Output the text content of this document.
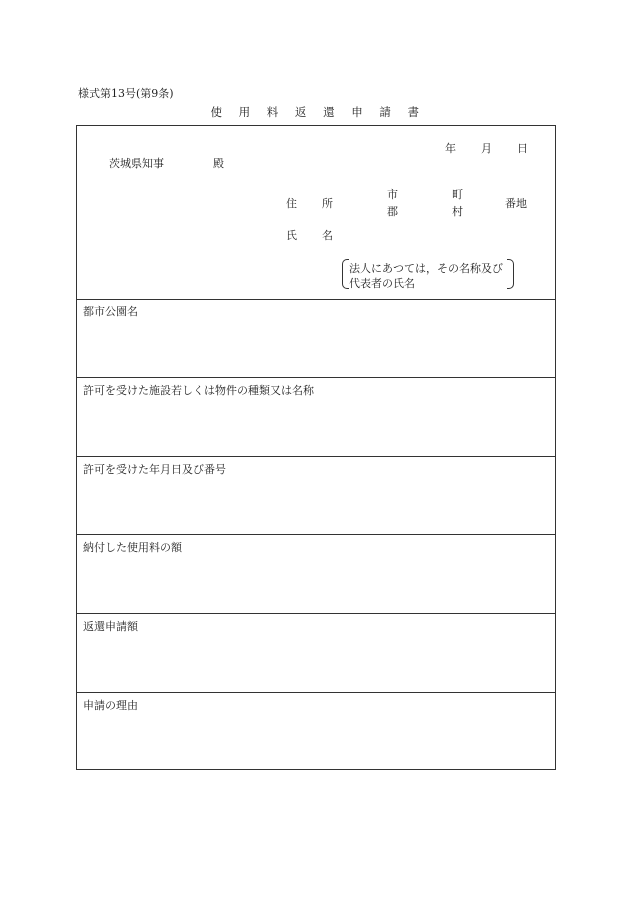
様式第13号(第9条)
使 用 料 返 還 申 請 書
年 月 日
茨城県知事	殿
住 所
市
郡
町
村
番地
氏 名
法人にあつては，その名称及び
代表者の氏名
都市公園名
許可を受けた施設若しくは物件の種類又は名称
許可を受けた年月日及び番号
納付した使用料の額
返還申請額
申請の理由
